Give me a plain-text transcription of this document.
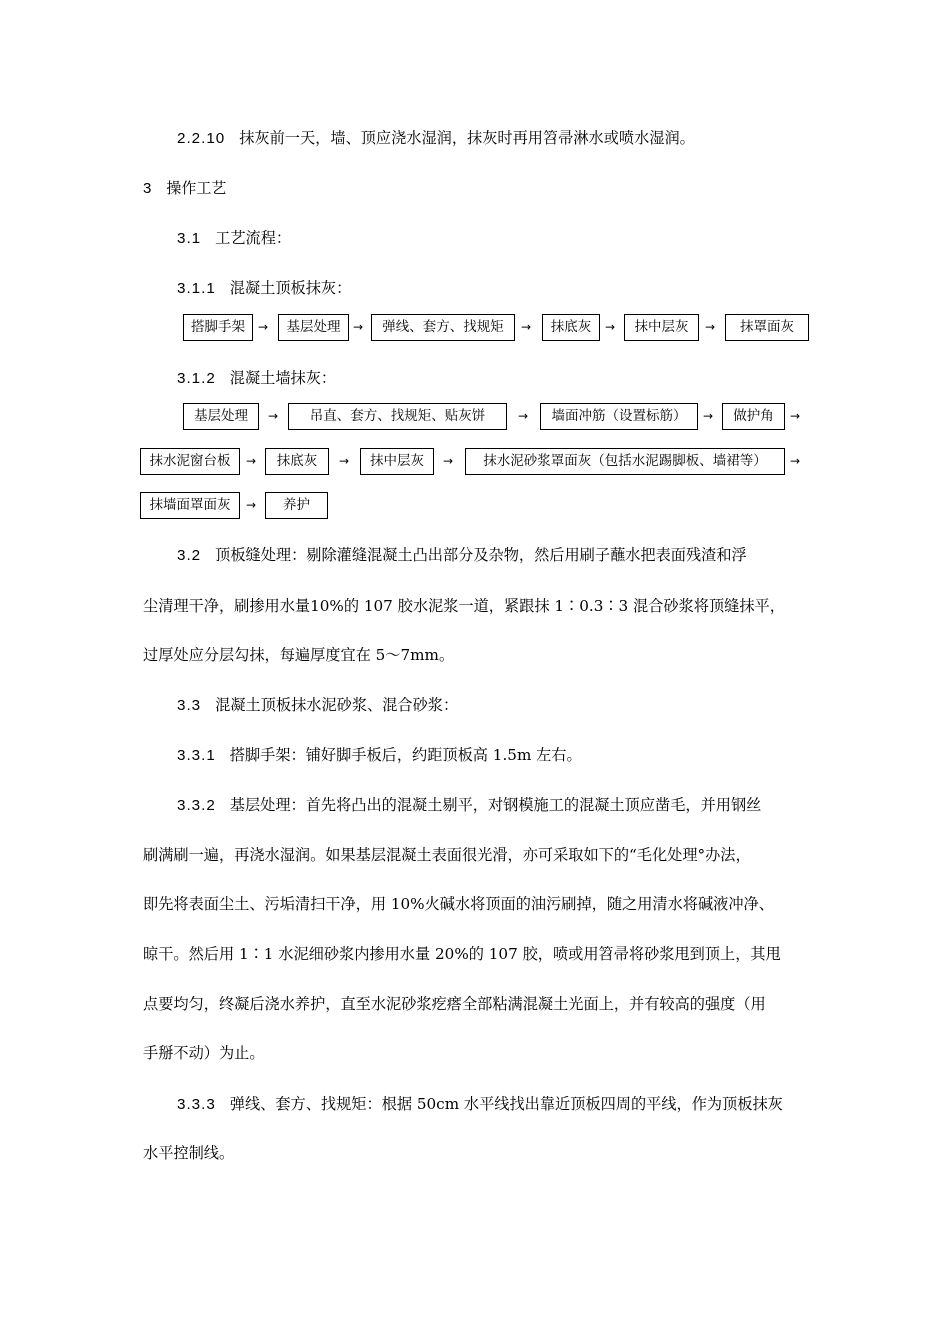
2.2.10 抹灰前一天，墙、顶应浇水湿润，抹灰时再用笤帚淋水或喷水湿润。
3 操作工艺
3.1 工艺流程：
3.1.1 混凝土顶板抹灰：
搭脚手架	→	基层处理	→	弹线、套方、找规矩	→	抹底灰	→	抹中层灰	→	抹罩面灰
3.1.2 混凝土墙抹灰：
基层处理	→	吊直、套方、找规矩、贴灰饼	→	墙面冲筋（设置标筋）	→	做护角	→
抹水泥窗台板	→	抹底灰	→	抹中层灰	→	抹水泥砂浆罩面灰（包括水泥踢脚板、墙裙等）	→
抹墙面罩面灰	→	养护
3.2 顶板缝处理：剔除灌缝混凝土凸出部分及杂物，然后用刷子蘸水把表面残渣和浮
尘清理干净，刷掺用水量10%的 107 胶水泥浆一道，紧跟抹 1∶0.3∶3 混合砂浆将顶缝抹平，
过厚处应分层勾抹，每遍厚度宜在 5～7mm。
3.3 混凝土顶板抹水泥砂浆、混合砂浆：
3.3.1 搭脚手架：铺好脚手板后，约距顶板高 1.5m 左右。
3.3.2 基层处理：首先将凸出的混凝土剔平，对钢模施工的混凝土顶应凿毛，并用钢丝
刷满刷一遍，再浇水湿润。如果基层混凝土表面很光滑，亦可采取如下的“毛化处理°办法，
即先将表面尘土、污垢清扫干净，用 10%火碱水将顶面的油污刷掉，随之用清水将碱液冲净、
晾干。然后用 1∶1 水泥细砂浆内掺用水量 20%的 107 胶，喷或用笤帚将砂浆甩到顶上，其甩
点要均匀，终凝后浇水养护，直至水泥砂浆疙瘩全部粘满混凝土光面上，并有较高的强度（用
手掰不动）为止。
3.3.3 弹线、套方、找规矩：根据 50cm 水平线找出靠近顶板四周的平线，作为顶板抹灰
水平控制线。
